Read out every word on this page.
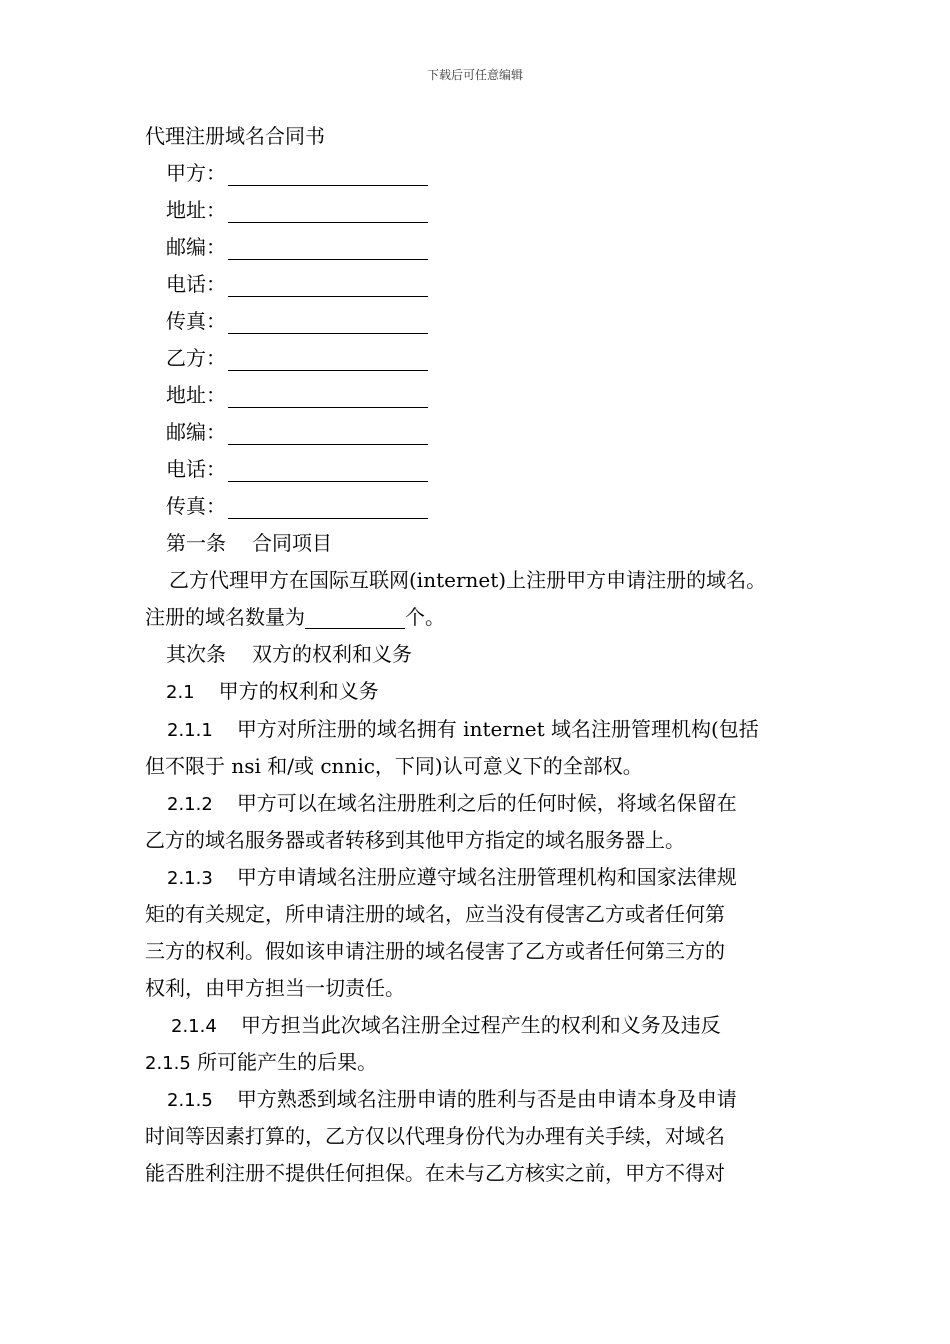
下载后可任意编辑
代理注册域名合同书
甲方：
地址：
邮编：
电话：
传真：
乙方：
地址：
邮编：
电话：
传真：
第一条 合同项目
乙方代理甲方在国际互联网(internet)上注册甲方申请注册的域名。
注册的域名数量为	个。
其次条 双方的权利和义务
2.1 甲方的权利和义务
2.1.1 甲方对所注册的域名拥有 internet 域名注册管理机构(包括
但不限于 nsi 和/或 cnnic，下同)认可意义下的全部权。
2.1.2 甲方可以在域名注册胜利之后的任何时候，将域名保留在
乙方的域名服务器或者转移到其他甲方指定的域名服务器上。
2.1.3 甲方申请域名注册应遵守域名注册管理机构和国家法律规
矩的有关规定，所申请注册的域名，应当没有侵害乙方或者任何第
三方的权利。假如该申请注册的域名侵害了乙方或者任何第三方的
权利，由甲方担当一切责任。
2.1.4 甲方担当此次域名注册全过程产生的权利和义务及违反
2.1.5 所可能产生的后果。
2.1.5 甲方熟悉到域名注册申请的胜利与否是由申请本身及申请
时间等因素打算的，乙方仅以代理身份代为办理有关手续，对域名
能否胜利注册不提供任何担保。在未与乙方核实之前，甲方不得对
